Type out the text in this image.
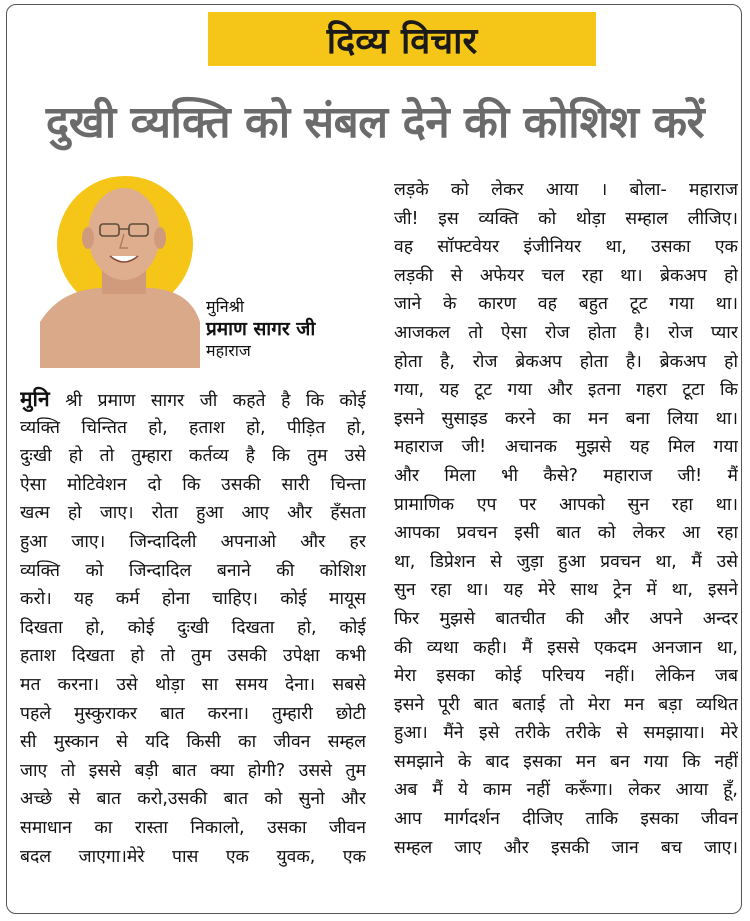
दिव्य विचार
दुखी व्यक्ति को संबल देने की कोशिश करें
मुनिश्री
प्रमाण सागर जी
महाराज
मुनि श्री प्रमाण सागर जी कहते है कि कोई
व्यक्ति चिन्तित हो, हताश हो, पीड़ित हो,
दुःखी हो तो तुम्हारा कर्तव्य है कि तुम उसे
ऐसा मोटिवेशन दो कि उसकी सारी चिन्ता
खत्म हो जाए। रोता हुआ आए और हँसता
हुआ जाए। जिन्दादिली अपनाओ और हर
व्यक्ति को जिन्दादिल बनाने की कोशिश
करो। यह कर्म होना चाहिए। कोई मायूस
दिखता हो, कोई दुःखी दिखता हो, कोई
हताश दिखता हो तो तुम उसकी उपेक्षा कभी
मत करना। उसे थोड़ा सा समय देना। सबसे
पहले मुस्कुराकर बात करना। तुम्हारी छोटी
सी मुस्कान से यदि किसी का जीवन सम्हल
जाए तो इससे बड़ी बात क्या होगी? उससे तुम
अच्छे से बात करो,उसकी बात को सुनो और
समाधान का रास्ता निकालो, उसका जीवन
बदल जाएगा।मेरे पास एक युवक, एक
लड़के को लेकर आया । बोला- महाराज
जी! इस व्यक्ति को थोड़ा सम्हाल लीजिए।
वह सॉफ्टवेयर इंजीनियर था, उसका एक
लड़की से अफेयर चल रहा था। ब्रेकअप हो
जाने के कारण वह बहुत टूट गया था।
आजकल तो ऐसा रोज होता है। रोज प्यार
होता है, रोज ब्रेकअप होता है। ब्रेकअप हो
गया, यह टूट गया और इतना गहरा टूटा कि
इसने सुसाइड करने का मन बना लिया था।
महाराज जी! अचानक मुझसे यह मिल गया
और मिला भी कैसे? महाराज जी! मैं
प्रामाणिक एप पर आपको सुन रहा था।
आपका प्रवचन इसी बात को लेकर आ रहा
था, डिप्रेशन से जुड़ा हुआ प्रवचन था, मैं उसे
सुन रहा था। यह मेरे साथ ट्रेन में था, इसने
फिर मुझसे बातचीत की और अपने अन्दर
की व्यथा कही। मैं इससे एकदम अनजान था,
मेरा इसका कोई परिचय नहीं। लेकिन जब
इसने पूरी बात बताई तो मेरा मन बड़ा व्यथित
हुआ। मैंने इसे तरीके तरीके से समझाया। मेरे
समझाने के बाद इसका मन बन गया कि नहीं
अब मैं ये काम नहीं करूँगा। लेकर आया हूँ,
आप मार्गदर्शन दीजिए ताकि इसका जीवन
सम्हल जाए और इसकी जान बच जाए।
